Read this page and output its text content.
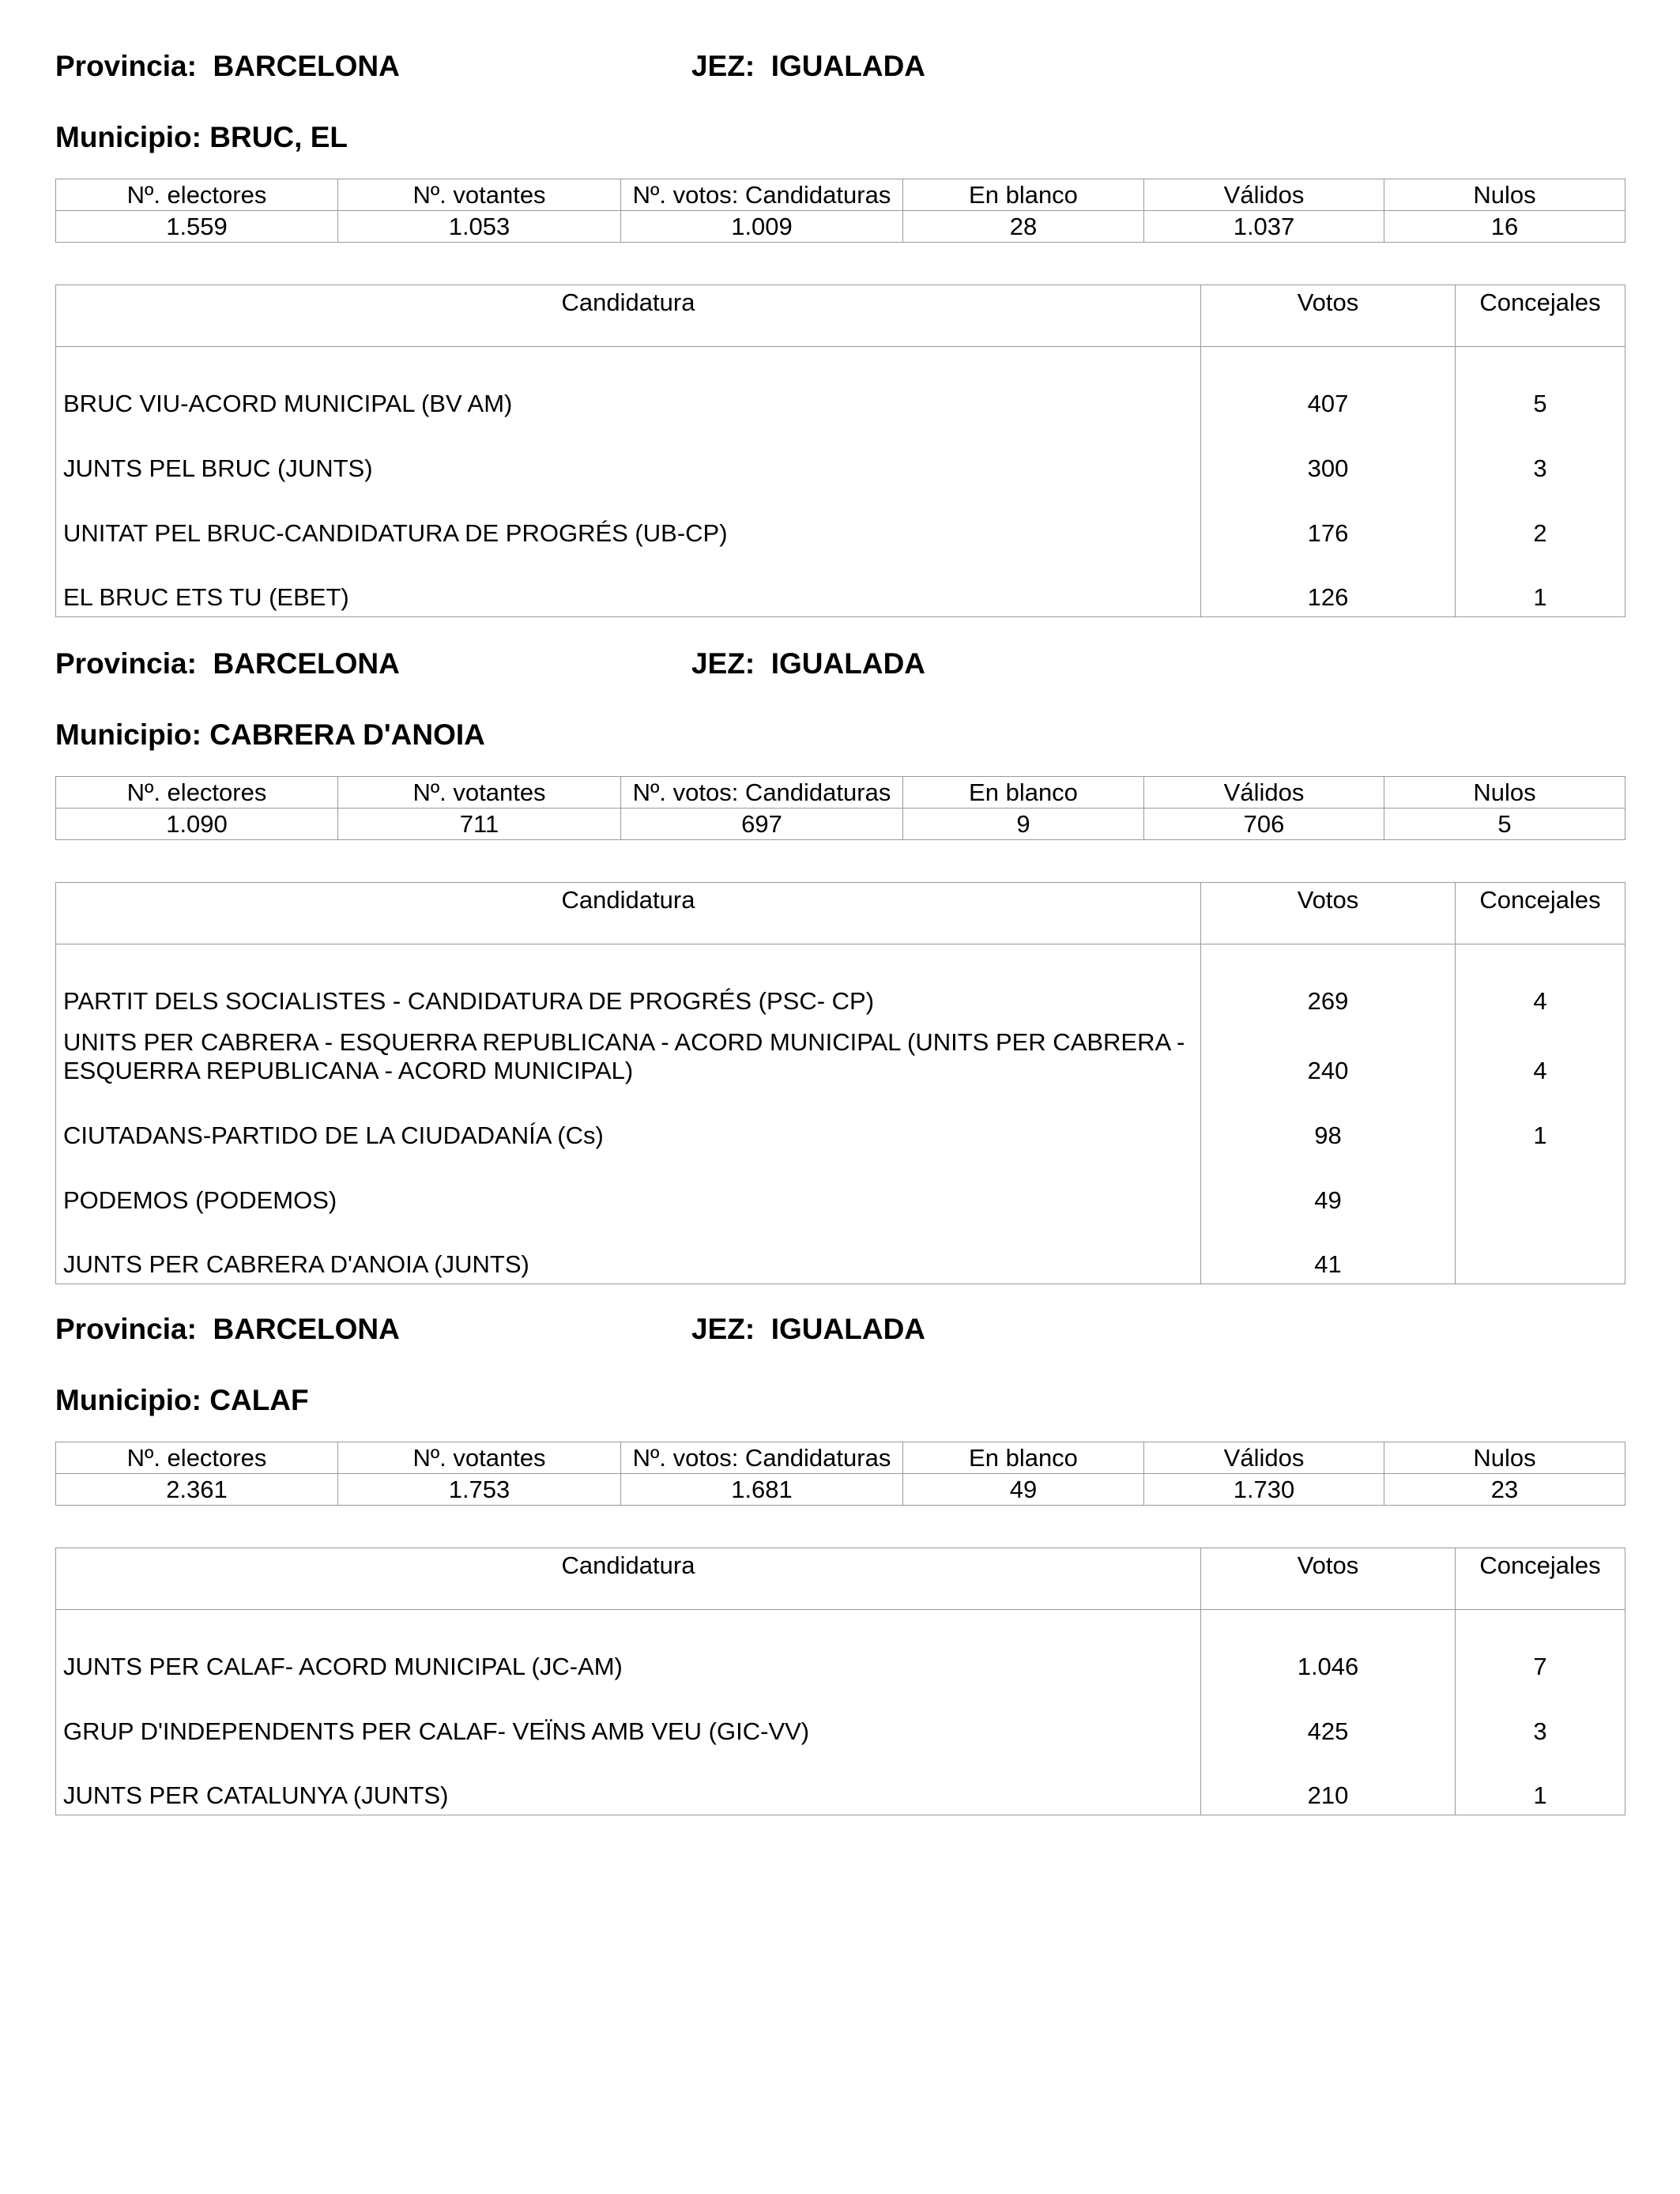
Provincia: BARCELONA	JEZ: IGUALADA
Municipio: BRUC, EL
Nº. electores	Nº. votantes	Nº. votos: Candidaturas	En blanco	Válidos	Nulos
1.559	1.053	1.009	28	1.037	16
Candidatura	Votos	Concejales
BRUC VIU-ACORD MUNICIPAL (BV AM)	407	5
JUNTS PEL BRUC (JUNTS)	300	3
UNITAT PEL BRUC-CANDIDATURA DE PROGRÉS (UB-CP)	176	2
EL BRUC ETS TU (EBET)	126	1
Provincia: BARCELONA	JEZ: IGUALADA
Municipio: CABRERA D'ANOIA
Nº. electores	Nº. votantes	Nº. votos: Candidaturas	En blanco	Válidos	Nulos
1.090	711	697	9	706	5
Candidatura	Votos	Concejales
PARTIT DELS SOCIALISTES - CANDIDATURA DE PROGRÉS (PSC- CP)	269	4
UNITS PER CABRERA - ESQUERRA REPUBLICANA - ACORD MUNICIPAL (UNITS PER CABRERA - ESQUERRA REPUBLICANA - ACORD MUNICIPAL)	240	4
CIUTADANS-PARTIDO DE LA CIUDADANÍA (Cs)	98	1
PODEMOS (PODEMOS)	49	
JUNTS PER CABRERA D'ANOIA (JUNTS)	41	
Provincia: BARCELONA	JEZ: IGUALADA
Municipio: CALAF
Nº. electores	Nº. votantes	Nº. votos: Candidaturas	En blanco	Válidos	Nulos
2.361	1.753	1.681	49	1.730	23
Candidatura	Votos	Concejales
JUNTS PER CALAF- ACORD MUNICIPAL (JC-AM)	1.046	7
GRUP D'INDEPENDENTS PER CALAF- VEÏNS AMB VEU (GIC-VV)	425	3
JUNTS PER CATALUNYA (JUNTS)	210	1
